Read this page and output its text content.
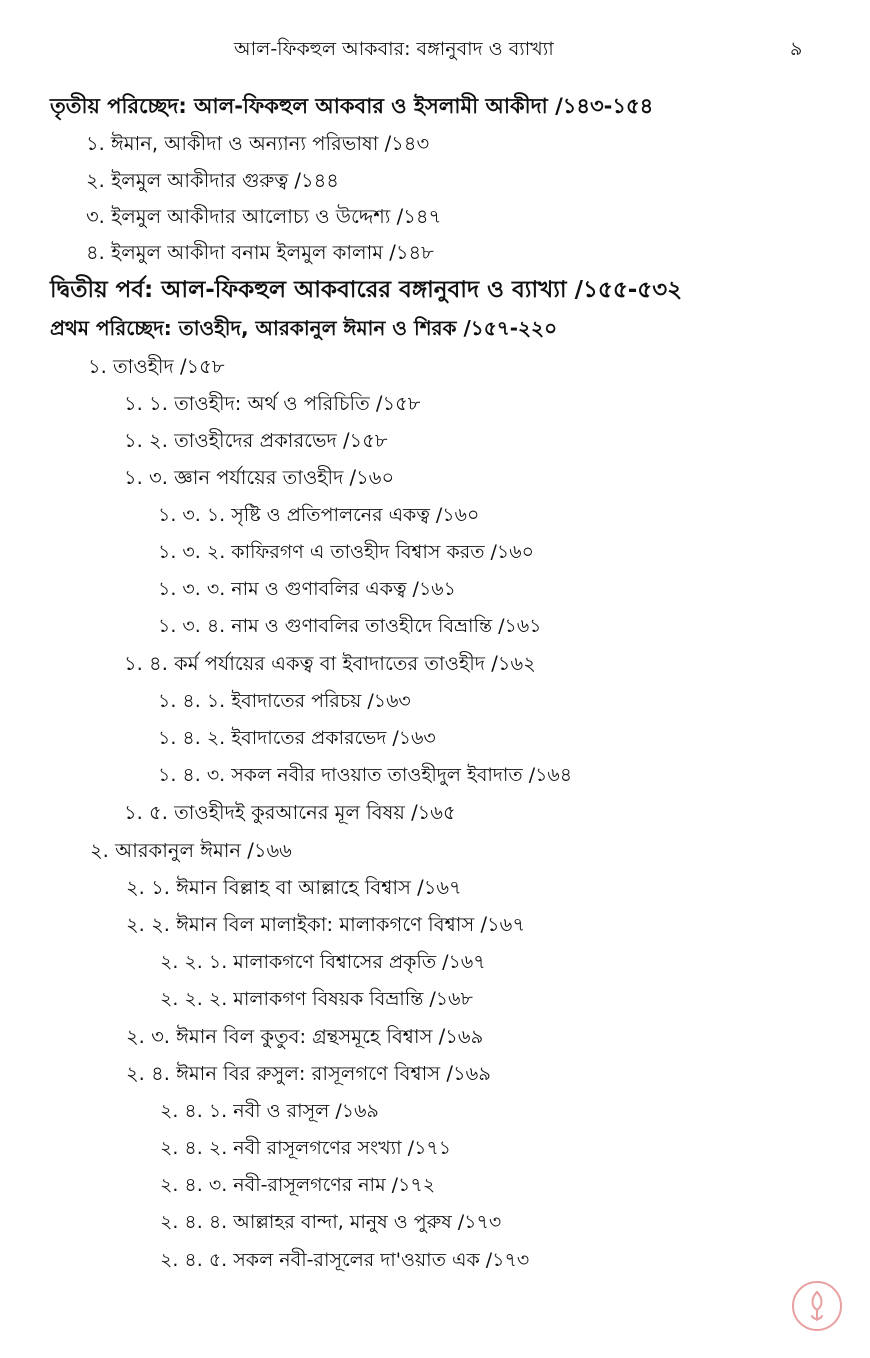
আল-ফিকহুল আকবার: বঙ্গানুবাদ ও ব্যাখ্যা	৯
তৃতীয় পরিচ্ছেদ: আল-ফিকহুল আকবার ও ইসলামী আকীদা /১৪৩-১৫৪
১. ঈমান, আকীদা ও অন্যান্য পরিভাষা /১৪৩
২. ইলমুল আকীদার গুরুত্ব /১৪৪
৩. ইলমুল আকীদার আলোচ্য ও উদ্দেশ্য /১৪৭
৪. ইলমুল আকীদা বনাম ইলমুল কালাম /১৪৮
দ্বিতীয় পর্ব: আল-ফিকহুল আকবারের বঙ্গানুবাদ ও ব্যাখ্যা /১৫৫-৫৩২
প্রথম পরিচ্ছেদ: তাওহীদ, আরকানুল ঈমান ও শিরক /১৫৭-২২০
১. তাওহীদ /১৫৮
১. ১. তাওহীদ: অর্থ ও পরিচিতি /১৫৮
১. ২. তাওহীদের প্রকারভেদ /১৫৮
১. ৩. জ্ঞান পর্যায়ের তাওহীদ /১৬০
১. ৩. ১. সৃষ্টি ও প্রতিপালনের একত্ব /১৬০
১. ৩. ২. কাফিরগণ এ তাওহীদ বিশ্বাস করত /১৬০
১. ৩. ৩. নাম ও গুণাবলির একত্ব /১৬১
১. ৩. ৪. নাম ও গুণাবলির তাওহীদে বিভ্রান্তি /১৬১
১. ৪. কর্ম পর্যায়ের একত্ব বা ইবাদাতের তাওহীদ /১৬২
১. ৪. ১. ইবাদাতের পরিচয় /১৬৩
১. ৪. ২. ইবাদাতের প্রকারভেদ /১৬৩
১. ৪. ৩. সকল নবীর দাওয়াত তাওহীদুল ইবাদাত /১৬৪
১. ৫. তাওহীদই কুরআনের মূল বিষয় /১৬৫
২. আরকানুল ঈমান /১৬৬
২. ১. ঈমান বিল্লাহ বা আল্লাহে বিশ্বাস /১৬৭
২. ২. ঈমান বিল মালাইকা: মালাকগণে বিশ্বাস /১৬৭
২. ২. ১. মালাকগণে বিশ্বাসের প্রকৃতি /১৬৭
২. ২. ২. মালাকগণ বিষয়ক বিভ্রান্তি /১৬৮
২. ৩. ঈমান বিল কুতুব: গ্রন্থসমূহে বিশ্বাস /১৬৯
২. ৪. ঈমান বির রুসুল: রাসূলগণে বিশ্বাস /১৬৯
২. ৪. ১. নবী ও রাসূল /১৬৯
২. ৪. ২. নবী রাসূলগণের সংখ্যা /১৭১
২. ৪. ৩. নবী-রাসূলগণের নাম /১৭২
২. ৪. ৪. আল্লাহর বান্দা, মানুষ ও পুরুষ /১৭৩
২. ৪. ৫. সকল নবী-রাসূলের দা'ওয়াত এক /১৭৩
